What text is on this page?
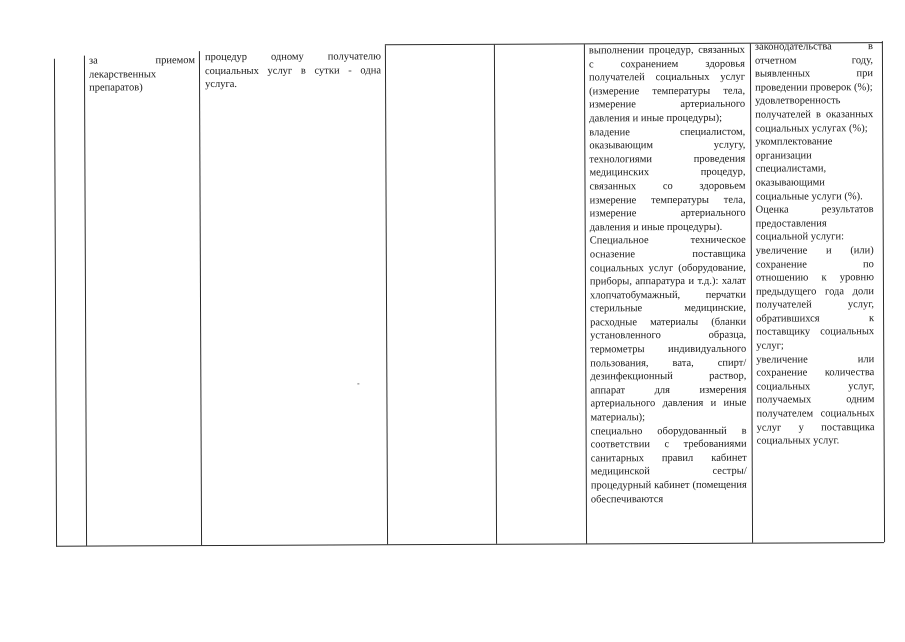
за приемом лекарственных препаратов)

процедур одному получателю социальных услуг в сутки - одна услуга.

выполнении процедур, связанных с сохранением здоровья получателей социальных услуг (измерение температуры тела, измерение артериального давления и иные процедуры);

владение специалистом, оказывающим услугу, технологиями проведения медицинских процедур, связанных со здоровьем измерение температуры тела, измерение артериального давления и иные процедуры).

Специальное техническое осназение поставщика социальных услуг (оборудование, приборы, аппаратура и т.д.): халат хлопчатобумажный, перчатки стерильные медицинские, расходные материалы (бланки установленного образца, термометры индивидуального пользования, вата, спирт/ дезинфекционный раствор, аппарат для измерения артериального давления и иные материалы);

специально оборудованный в соответствии с требованиями санитарных правил кабинет медицинской сестры/процедурный кабинет (помещения обеспечиваются

законодательства в отчетном году, выявленных при проведении проверок (%);

удовлетворенность получателей в оказанных социальных услугах (%);

укомплектование организации специалистами, оказывающими социальные услуги (%).

Оценка результатов предоставления социальной услуги:

увеличение и (или) сохранение по отношению к уровню предыдущего года доли получателей услуг, обратившихся к поставщику социальных услуг;

увеличение или сохранение количества социальных услуг, получаемых одним получателем социальных услуг у поставщика социальных услуг.
